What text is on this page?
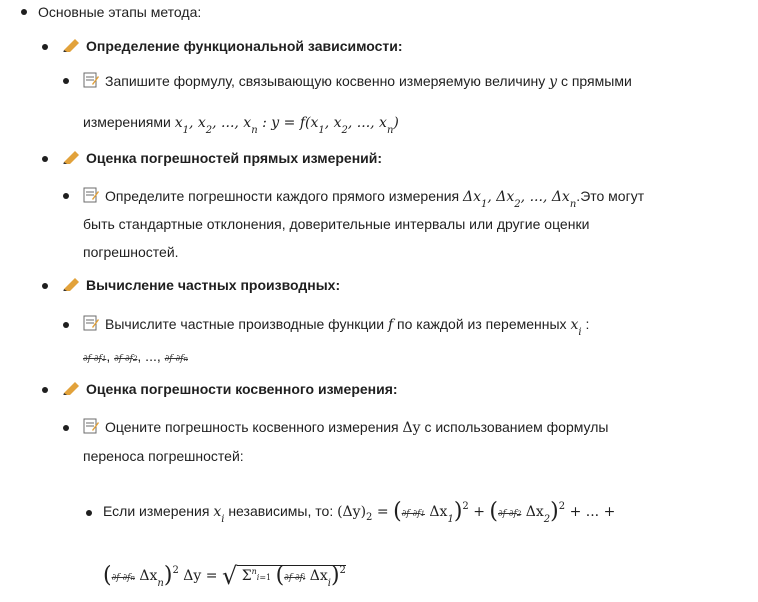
Основные этапы метода:
Определение функциональной зависимости:
Запишите формулу, связывающую косвенно измеряемую величину y с прямыми
измерениями $x_1$, $x_2$, ..., $x_n$ : $y = f(x_1$, $x_2$, ..., $x_n$)
Оценка погрешностей прямых измерений:
Определите погрешности каждого прямого измерения $\Delta x_1$, $\Delta x_2$, ..., $\Delta x_n.Это$ могут
быть стандартные отклонения, доверительные интервалы или другие оценки
погрешностей.
Вычисление частных производных:
Вычислите частные производные функции f по каждой из переменных $x_i$ :
∂f ∂f1, ∂f ∂f2, ..., ∂f ∂fn
Оценка погрешности косвенного измерения:
Оцените погрешность косвенного измерения Δy с использованием формулы
переноса погрешностей:
Если измерения $x_i$ независимы, то: $(\Delta y)_2 = (\partial f$ ∂f1 $\Delta x_1)^2 + (\partial f$ ∂f2 $\Delta x_2)^2$ + ... +
(∂f ∂fn $\Delta x_n)^2$ Δy = √ $\Sigma^ni=1$ (∂f ∂fi $\Delta x_i)^2$
